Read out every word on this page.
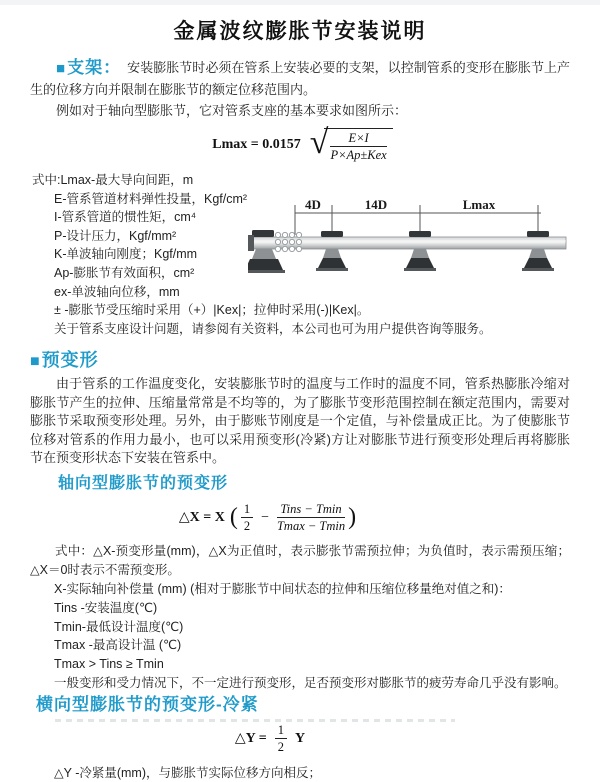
金属波纹膨胀节安装说明

■支架： 安装膨胀节时必须在管系上安装必要的支架，以控制管系的变形在膨胀节上产生的位移方向并限制在膨胀节的额定位移范围内。

例如对于轴向型膨胀节，它对管系支座的基本要求如图所示：

Lmax = 0.0157 √ $\frac{E\times I}{\text{P×Ap±Kex}}$
式中:Lmax-最大导向间距，m
E-管系管道材料弹性投量，Kgf/cm²
I-管系管道的惯性矩，cm⁴
P-设计压力，Kgf/mm²
K-单波轴向刚度；Kgf/mm
Ap-膨胀节有效面积，cm²
ex-单波轴向位移，mm
± -膨胀节受压缩时采用（+）|Kex|；拉伸时采用(-)|Kex|。
关于管系支座设计问题，请参阅有关资料，本公司也可为用户提供咨询等服务。
4D	14D	Lmax
■预变形

由于管系的工作温度变化，安装膨胀节时的温度与工作时的温度不同，管系热膨胀冷缩对膨胀节产生的拉伸、压缩量常常是不均等的，为了膨胀节变形范围控制在额定范围内，需要对膨胀节采取预变形处理。另外，由于膨账节刚度是一个定值，与补偿量成正比。为了使膨胀节位移对管系的作用力最小，也可以采用预变形(冷紧)方让对膨胀节进行预变形处理后再将膨胀节在预变形状态下安装在管系中。

轴向型膨胀节的预变形
△X = X ( $\frac{1}{2} - \frac{\text{Tins − Tmin}}{Tmax - Tmin}$ )

式中：△X-预变形量(mm)，△X为正值时，表示膨张节需预拉伸；为负值时，表示需预压缩；△X＝0时表示不需预变形。

X-实际轴向补偿量 (mm) (相对于膨胀节中间状态的拉伸和压缩位移量绝对值之和)：
Tins -安装温度(℃)
Tmin-最低设计温度(℃)
Tmax -最高设计温 (℃)
Tmax > Tins ≥ Tmin
一般变形和受力情况下，不一定进行预变形，足否预变形对膨胀节的疲劳寿命几乎没有影响。
横向型膨胀节的预变形-冷紧
△Y = $\frac{1}{2}$ Y
△Y -冷紧量(mm)，与膨胀节实际位移方向相反；
